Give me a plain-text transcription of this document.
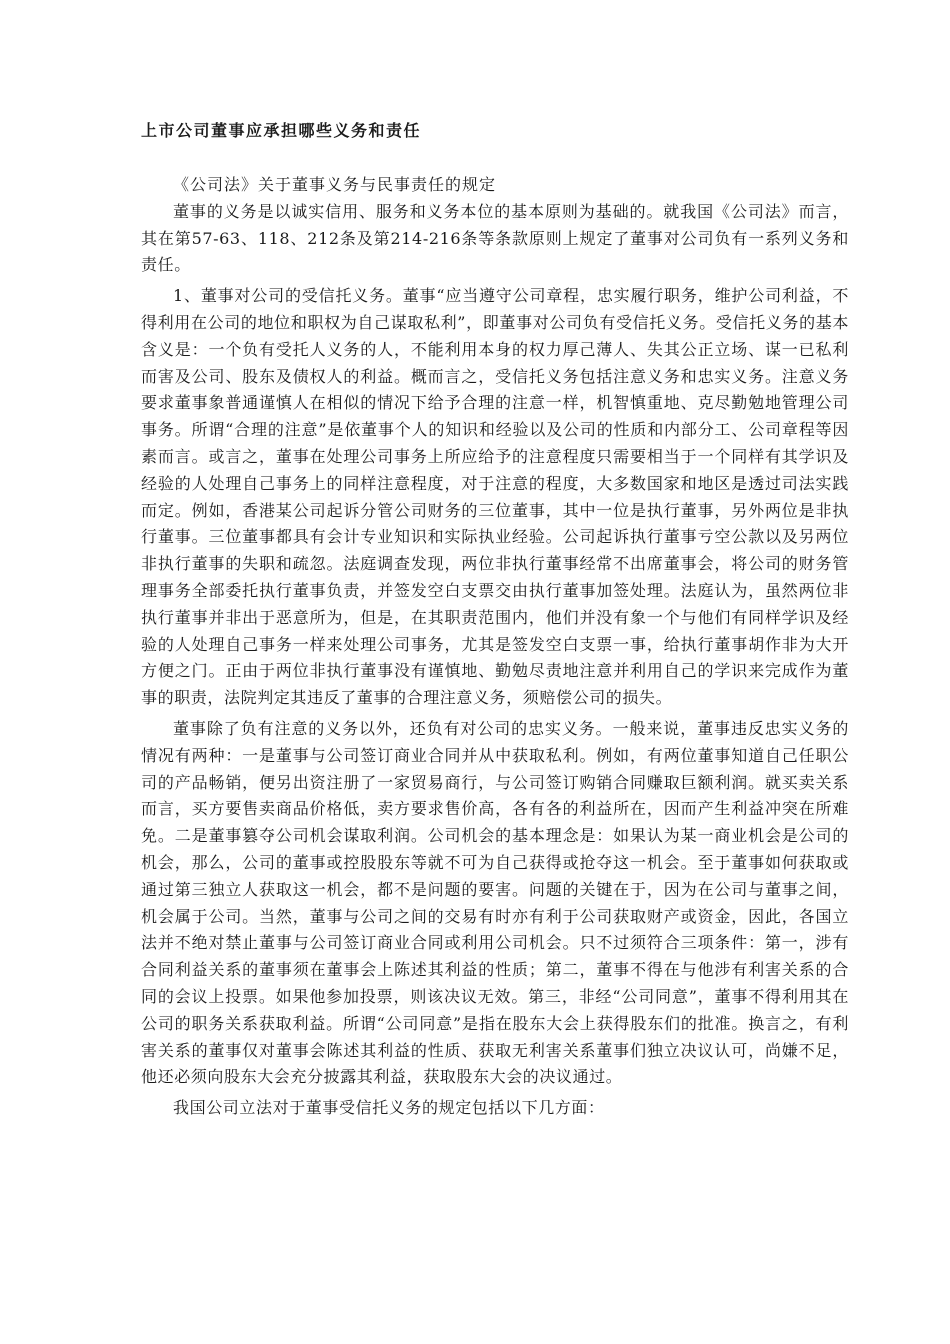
上市公司董事应承担哪些义务和责任

《公司法》关于董事义务与民事责任的规定

董事的义务是以诚实信用、服务和义务本位的基本原则为基础的。就我国《公司法》而言，其在第57-63、118、212条及第214-216条等条款原则上规定了董事对公司负有一系列义务和责任。

1、董事对公司的受信托义务。董事“应当遵守公司章程，忠实履行职务，维护公司利益，不得利用在公司的地位和职权为自己谋取私利”，即董事对公司负有受信托义务。受信托义务的基本含义是：一个负有受托人义务的人，不能利用本身的权力厚己薄人、失其公正立场、谋一已私利而害及公司、股东及债权人的利益。概而言之，受信托义务包括注意义务和忠实义务。注意义务要求董事象普通谨慎人在相似的情况下给予合理的注意一样，机智慎重地、克尽勤勉地管理公司事务。所谓“合理的注意”是依董事个人的知识和经验以及公司的性质和内部分工、公司章程等因素而言。或言之，董事在处理公司事务上所应给予的注意程度只需要相当于一个同样有其学识及经验的人处理自己事务上的同样注意程度，对于注意的程度，大多数国家和地区是透过司法实践而定。例如，香港某公司起诉分管公司财务的三位董事，其中一位是执行董事，另外两位是非执行董事。三位董事都具有会计专业知识和实际执业经验。公司起诉执行董事亏空公款以及另两位非执行董事的失职和疏忽。法庭调查发现，两位非执行董事经常不出席董事会，将公司的财务管理事务全部委托执行董事负责，并签发空白支票交由执行董事加签处理。法庭认为，虽然两位非执行董事并非出于恶意所为，但是，在其职责范围内，他们并没有象一个与他们有同样学识及经验的人处理自己事务一样来处理公司事务，尤其是签发空白支票一事，给执行董事胡作非为大开方便之门。正由于两位非执行董事没有谨慎地、勤勉尽责地注意并利用自己的学识来完成作为董事的职责，法院判定其违反了董事的合理注意义务，须赔偿公司的损失。

董事除了负有注意的义务以外，还负有对公司的忠实义务。一般来说，董事违反忠实义务的情况有两种：一是董事与公司签订商业合同并从中获取私利。例如，有两位董事知道自己任职公司的产品畅销，便另出资注册了一家贸易商行，与公司签订购销合同赚取巨额利润。就买卖关系而言，买方要售卖商品价格低，卖方要求售价高，各有各的利益所在，因而产生利益冲突在所难免。二是董事篡夺公司机会谋取利润。公司机会的基本理念是：如果认为某一商业机会是公司的机会，那么，公司的董事或控股股东等就不可为自己获得或抢夺这一机会。至于董事如何获取或通过第三独立人获取这一机会，都不是问题的要害。问题的关键在于，因为在公司与董事之间，机会属于公司。当然，董事与公司之间的交易有时亦有利于公司获取财产或资金，因此，各国立法并不绝对禁止董事与公司签订商业合同或利用公司机会。只不过须符合三项条件：第一，涉有合同利益关系的董事须在董事会上陈述其利益的性质；第二，董事不得在与他涉有利害关系的合同的会议上投票。如果他参加投票，则该决议无效。第三，非经“公司同意”，董事不得利用其在公司的职务关系获取利益。所谓“公司同意”是指在股东大会上获得股东们的批准。换言之，有利害关系的董事仅对董事会陈述其利益的性质、获取无利害关系董事们独立决议认可，尚嫌不足，他还必须向股东大会充分披露其利益，获取股东大会的决议通过。

我国公司立法对于董事受信托义务的规定包括以下几方面：
